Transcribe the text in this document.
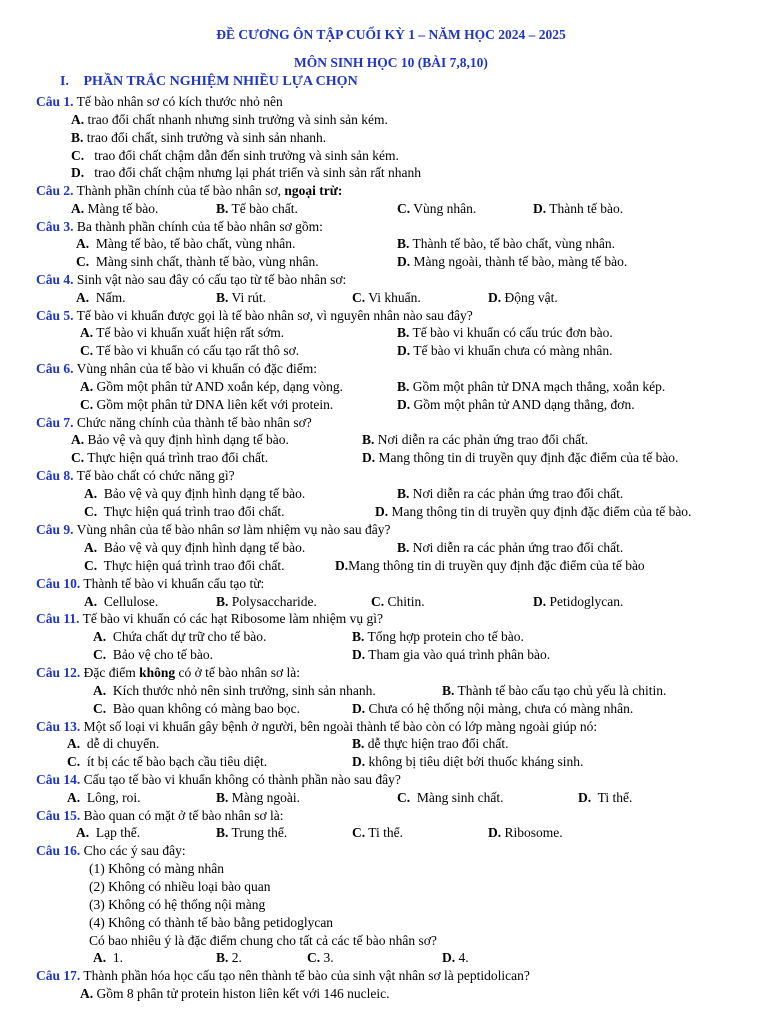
ĐỀ CƯƠNG ÔN TẬP CUỐI KỲ 1 – NĂM HỌC 2024 – 2025
MÔN SINH HỌC 10 (BÀI 7,8,10)
I. PHẦN TRẮC NGHIỆM NHIỀU LỰA CHỌN
Câu 1. Tế bào nhân sơ có kích thước nhỏ nên
A. trao đổi chất nhanh nhưng sinh trưởng và sinh sản kém.
B. trao đổi chất, sinh trưởng và sinh sản nhanh.
C. trao đổi chất chậm dẫn đến sinh trưởng và sinh sản kém.
D. trao đổi chất chậm nhưng lại phát triển và sinh sản rất nhanh
Câu 2. Thành phần chính của tế bào nhân sơ, ngoại trừ:
A. Màng tế bào.	B. Tế bào chất.	C. Vùng nhân.	D. Thành tế bào.
Câu 3. Ba thành phần chính của tế bào nhân sơ gồm:
A. Màng tế bào, tế bào chất, vùng nhân.	B. Thành tế bào, tế bào chất, vùng nhân.
C. Màng sinh chất, thành tế bào, vùng nhân.	D. Màng ngoài, thành tế bào, màng tế bào.
Câu 4. Sinh vật nào sau đây có cấu tạo từ tế bào nhân sơ:
A. Nấm.	B. Vi rút.	C. Vi khuẩn.	D. Động vật.
Câu 5. Tế bào vi khuẩn được gọi là tế bào nhân sơ, vì nguyên nhân nào sau đây?
A. Tế bào vi khuẩn xuất hiện rất sớm.	B. Tế bào vi khuẩn có cấu trúc đơn bào.
C. Tế bào vi khuẩn có cấu tạo rất thô sơ.	D. Tế bào vi khuẩn chưa có màng nhân.
Câu 6. Vùng nhân của tế bào vi khuẩn có đặc điểm:
A. Gồm một phân tử AND xoắn kép, dạng vòng.	B. Gồm một phân tử DNA mạch thẳng, xoắn kép.
C. Gồm một phân tử DNA liên kết với protein.	D. Gồm một phân tử AND dạng thẳng, đơn.
Câu 7. Chức năng chính của thành tế bào nhân sơ?
A. Bảo vệ và quy định hình dạng tế bào.	B. Nơi diễn ra các phản ứng trao đổi chất.
C. Thực hiện quá trình trao đổi chất.	D. Mang thông tin di truyền quy định đặc điểm của tế bào.
Câu 8. Tế bào chất có chức năng gì?
A. Bảo vệ và quy định hình dạng tế bào.	B. Nơi diễn ra các phản ứng trao đổi chất.
C. Thực hiện quá trình trao đổi chất.	D. Mang thông tin di truyền quy định đặc điểm của tế bào.
Câu 9. Vùng nhân của tế bào nhân sơ làm nhiệm vụ nào sau đây?
A. Bảo vệ và quy định hình dạng tế bào.	B. Nơi diễn ra các phản ứng trao đổi chất.
C. Thực hiện quá trình trao đổi chất.	D.Mang thông tin di truyền quy định đặc điểm của tế bào
Câu 10. Thành tế bào vi khuẩn cấu tạo từ:
A. Cellulose.	B. Polysaccharide.	C. Chitin.	D. Petidoglycan.
Câu 11. Tế bào vi khuẩn có các hạt Ribosome làm nhiệm vụ gì?
A. Chứa chất dự trữ cho tế bào.	B. Tổng hợp protein cho tế bào.
C. Bảo vệ cho tế bào.	D. Tham gia vào quá trình phân bào.
Câu 12. Đặc điểm không có ở tế bào nhân sơ là:
A. Kích thước nhỏ nên sinh trưởng, sinh sản nhanh.	B. Thành tế bào cấu tạo chủ yếu là chitin.
C. Bào quan không có màng bao bọc.	D. Chưa có hệ thống nội màng, chưa có màng nhân.
Câu 13. Một số loại vi khuẩn gây bệnh ở người, bên ngoài thành tế bào còn có lớp màng ngoài giúp nó:
A. dễ di chuyển.	B. dễ thực hiện trao đổi chất.
C. ít bị các tế bào bạch cầu tiêu diệt.	D. không bị tiêu diệt bởi thuốc kháng sinh.
Câu 14. Cấu tạo tế bào vi khuẩn không có thành phần nào sau đây?
A. Lông, roi.	B. Màng ngoài.	C. Màng sinh chất.	D. Ti thể.
Câu 15. Bào quan có mặt ở tế bào nhân sơ là:
A. Lạp thể.	B. Trung thể.	C. Ti thể.	D. Ribosome.
Câu 16. Cho các ý sau đây:
(1) Không có màng nhân
(2) Không có nhiều loại bào quan
(3) Không có hệ thống nội màng
(4) Không có thành tế bào bằng petidoglycan
Có bao nhiêu ý là đặc điểm chung cho tất cả các tế bào nhân sơ?
A. 1.	B. 2.	C. 3.	D. 4.
Câu 17. Thành phần hóa học cấu tạo nên thành tế bào của sinh vật nhân sơ là peptidolican?
A. Gồm 8 phân tử protein histon liên kết với 146 nucleic.
